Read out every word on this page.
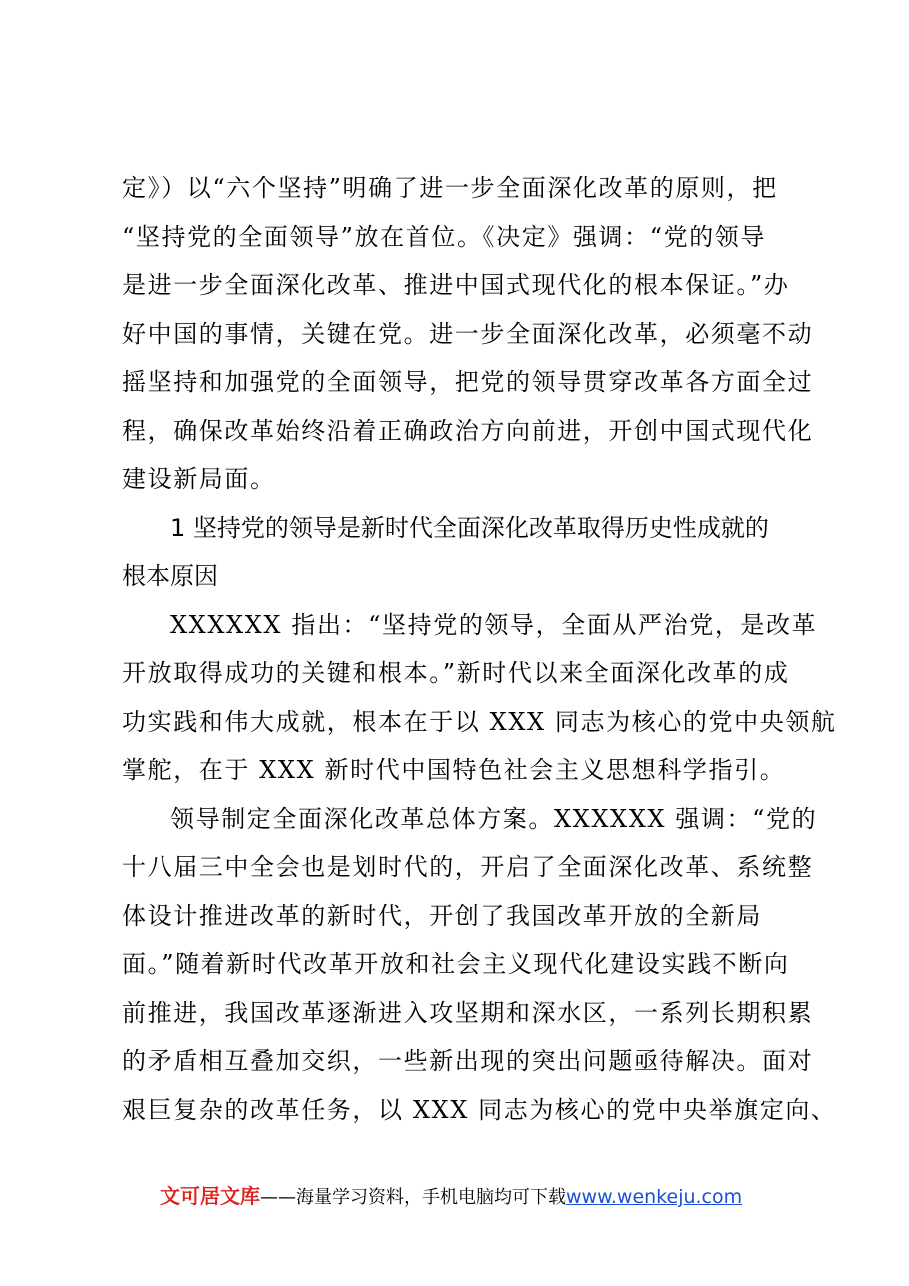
定》）以“六个坚持”明确了进一步全面深化改革的原则，把
“坚持党的全面领导”放在首位。《决定》强调：“党的领导
是进一步全面深化改革、推进中国式现代化的根本保证。”办
好中国的事情，关键在党。进一步全面深化改革，必须毫不动
摇坚持和加强党的全面领导，把党的领导贯穿改革各方面全过
程，确保改革始终沿着正确政治方向前进，开创中国式现代化
建设新局面。
1 坚持党的领导是新时代全面深化改革取得历史性成就的
根本原因
XXXXXX 指出：“坚持党的领导，全面从严治党，是改革
开放取得成功的关键和根本。”新时代以来全面深化改革的成
功实践和伟大成就，根本在于以 XXX 同志为核心的党中央领航
掌舵，在于 XXX 新时代中国特色社会主义思想科学指引。
领导制定全面深化改革总体方案。XXXXXX 强调：“党的
十八届三中全会也是划时代的，开启了全面深化改革、系统整
体设计推进改革的新时代，开创了我国改革开放的全新局
面。”随着新时代改革开放和社会主义现代化建设实践不断向
前推进，我国改革逐渐进入攻坚期和深水区，一系列长期积累
的矛盾相互叠加交织，一些新出现的突出问题亟待解决。面对
艰巨复杂的改革任务，以 XXX 同志为核心的党中央举旗定向、
文可居文库——海量学习资料，手机电脑均可下载www.wenkeju.com
